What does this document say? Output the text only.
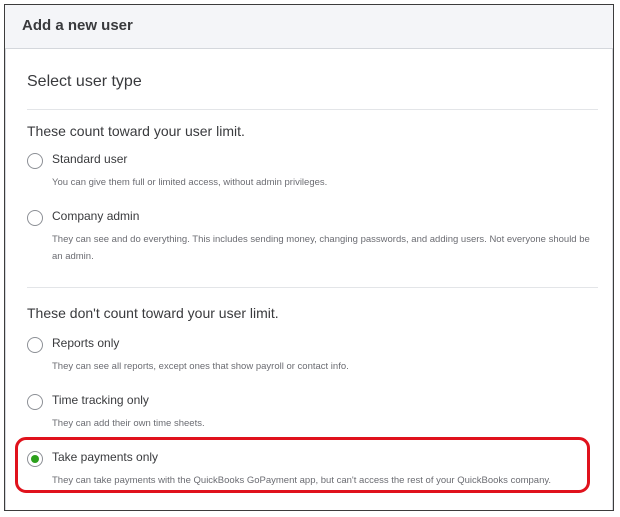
Add a new user
Select user type
These count toward your user limit.
Standard user
You can give them full or limited access, without admin privileges.
Company admin
They can see and do everything. This includes sending money, changing passwords, and adding users. Not everyone should be an admin.
These don't count toward your user limit.
Reports only
They can see all reports, except ones that show payroll or contact info.
Time tracking only
They can add their own time sheets.
Take payments only
They can take payments with the QuickBooks GoPayment app, but can't access the rest of your QuickBooks company.
